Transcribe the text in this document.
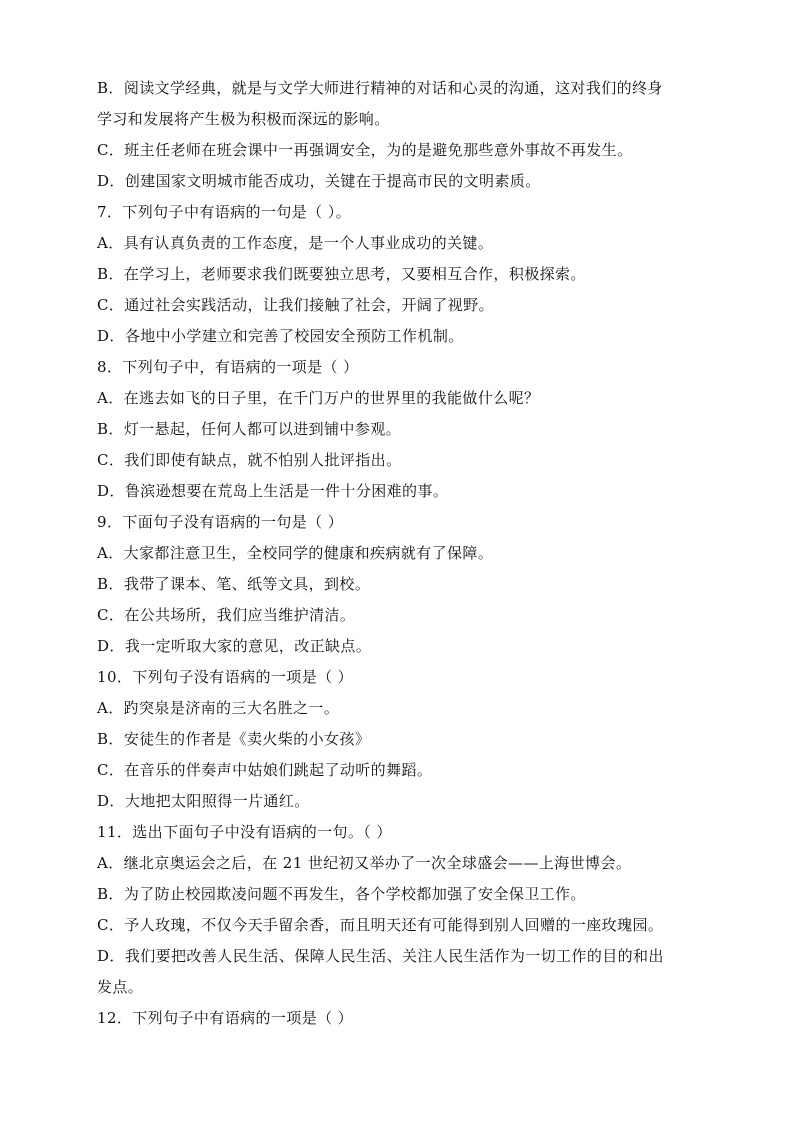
B．阅读文学经典，就是与文学大师进行精神的对话和心灵的沟通，这对我们的终身
学习和发展将产生极为积极而深远的影响。
C．班主任老师在班会课中一再强调安全，为的是避免那些意外事故不再发生。
D．创建国家文明城市能否成功，关键在于提高市民的文明素质。
7．下列句子中有语病的一句是（ ）。
A．具有认真负责的工作态度，是一个人事业成功的关键。
B．在学习上，老师要求我们既要独立思考，又要相互合作，积极探索。
C．通过社会实践活动，让我们接触了社会，开阔了视野。
D．各地中小学建立和完善了校园安全预防工作机制。
8．下列句子中，有语病的一项是（ ）
A．在逃去如飞的日子里，在千门万户的世界里的我能做什么呢？
B．灯一悬起，任何人都可以进到铺中参观。
C．我们即使有缺点，就不怕别人批评指出。
D．鲁滨逊想要在荒岛上生活是一件十分困难的事。
9．下面句子没有语病的一句是（ ）
A．大家都注意卫生，全校同学的健康和疾病就有了保障。
B．我带了课本、笔、纸等文具，到校。
C．在公共场所，我们应当维护清洁。
D．我一定听取大家的意见，改正缺点。
10．下列句子没有语病的一项是（ ）
A．趵突泉是济南的三大名胜之一。
B．安徒生的作者是《卖火柴的小女孩》
C．在音乐的伴奏声中姑娘们跳起了动听的舞蹈。
D．大地把太阳照得一片通红。
11．选出下面句子中没有语病的一句。（ ）
A．继北京奥运会之后，在 21 世纪初又举办了一次全球盛会——上海世博会。
B．为了防止校园欺凌问题不再发生，各个学校都加强了安全保卫工作。
C．予人玫瑰，不仅今天手留余香，而且明天还有可能得到别人回赠的一座玫瑰园。
D．我们要把改善人民生活、保障人民生活、关注人民生活作为一切工作的目的和出
发点。
12．下列句子中有语病的一项是（ ）
